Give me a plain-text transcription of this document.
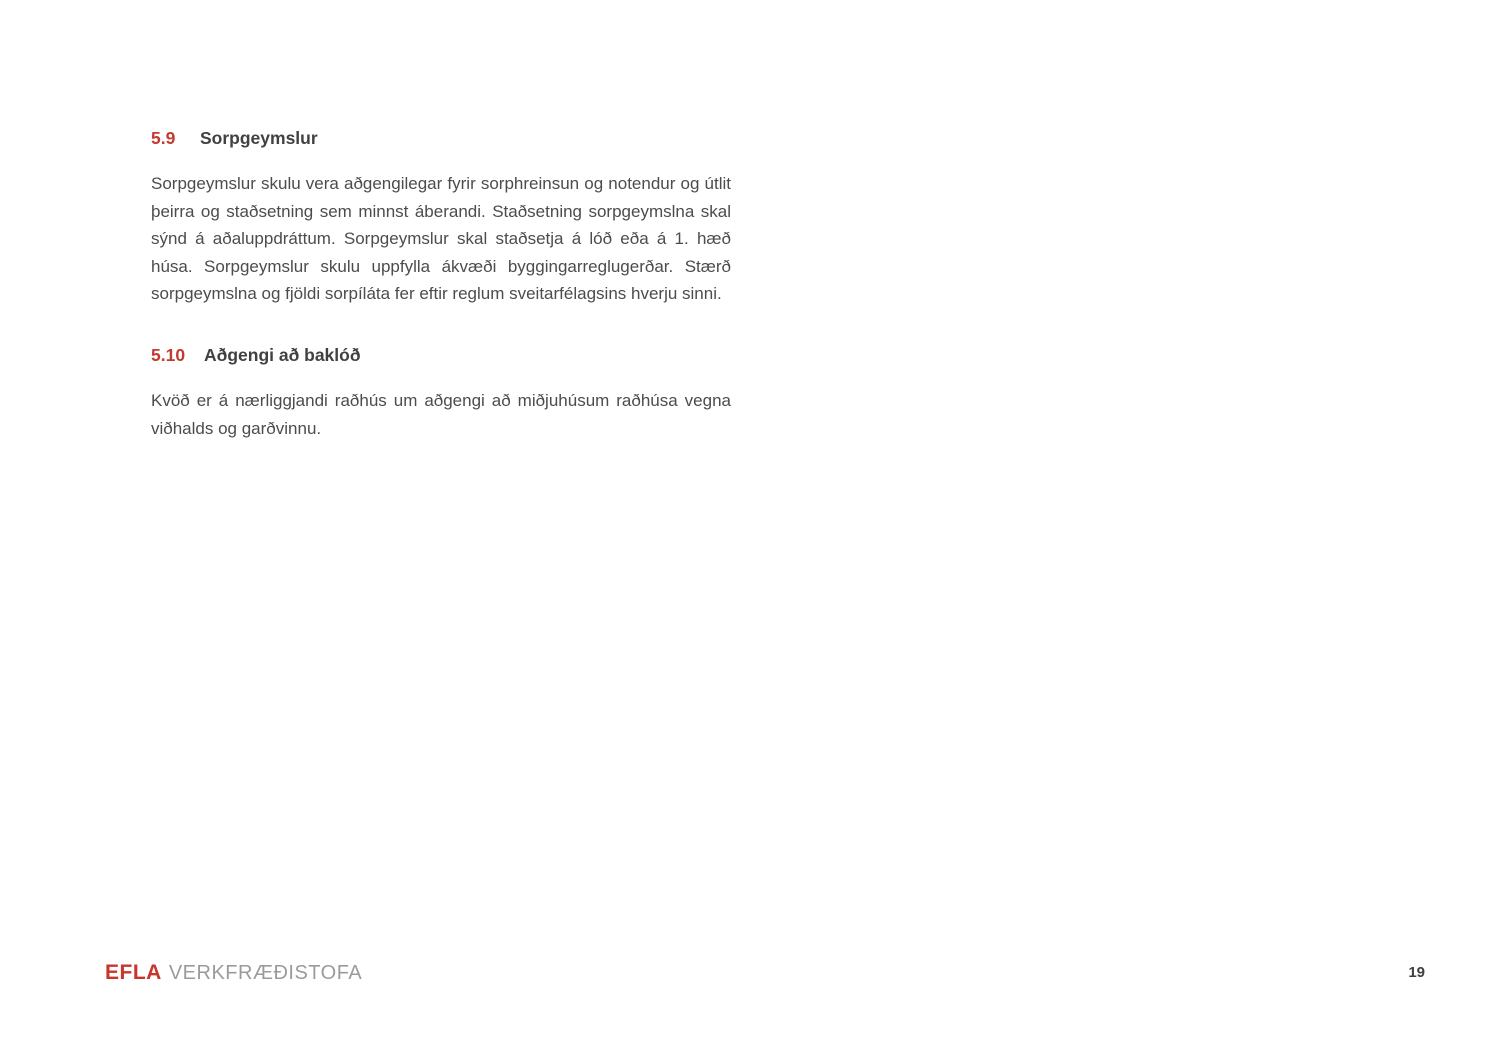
5.9	Sorpgeymslur

Sorpgeymslur skulu vera aðgengilegar fyrir sorphreinsun og notendur og útlit þeirra og staðsetning sem minnst áberandi. Staðsetning sorpgeymslna skal sýnd á aðaluppdráttum. Sorpgeymslur skal staðsetja á lóð eða á 1. hæð húsa. Sorpgeymslur skulu uppfylla ákvæði byggingarreglugerðar. Stærð sorpgeymslna og fjöldi sorpíláta fer eftir reglum sveitarfélagsins hverju sinni.

5.10	Aðgengi að baklóð

Kvöð er á nærliggjandi raðhús um aðgengi að miðjuhúsum raðhúsa vegna viðhalds og garðvinnu.

EFLA VERKFRÆÐISTOFA	19
